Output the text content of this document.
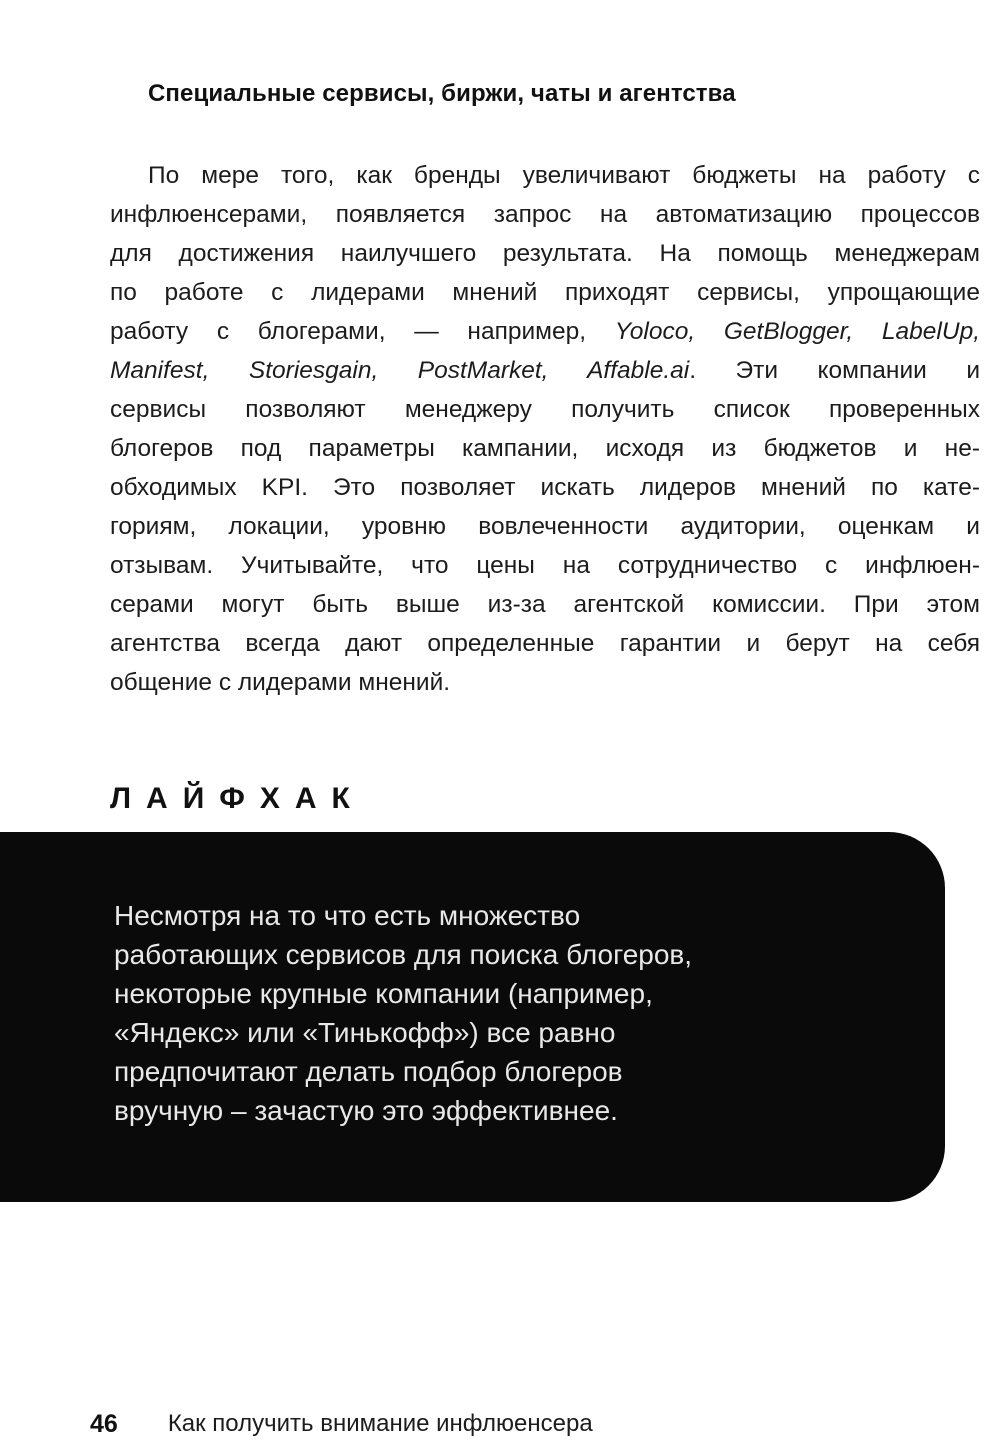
Специальные сервисы, биржи, чаты и агентства
По мере того, как бренды увеличивают бюджеты на работу с
инфлюенсерами, появляется запрос на автоматизацию процессов
для достижения наилучшего результата. На помощь менеджерам
по работе с лидерами мнений приходят сервисы, упрощающие
работу с блогерами, — например, Yoloco, GetBlogger, LabelUp,
Manifest, Storiesgain, PostMarket, Affable.ai. Эти компании и
сервисы позволяют менеджеру получить список проверенных
блогеров под параметры кампании, исходя из бюджетов и не-
обходимых KPI. Это позволяет искать лидеров мнений по кате-
гориям, локации, уровню вовлеченности аудитории, оценкам и
отзывам. Учитывайте, что цены на сотрудничество с инфлюен-
серами могут быть выше из-за агентской комиссии. При этом
агентства всегда дают определенные гарантии и берут на себя
общение с лидерами мнений.
ЛАЙФХАК
Несмотря на то что есть множество
работающих сервисов для поиска блогеров,
некоторые крупные компании (например,
«Яндекс» или «Тинькофф») все равно
предпочитают делать подбор блогеров
вручную – зачастую это эффективнее.
46 Как получить внимание инфлюенсера
